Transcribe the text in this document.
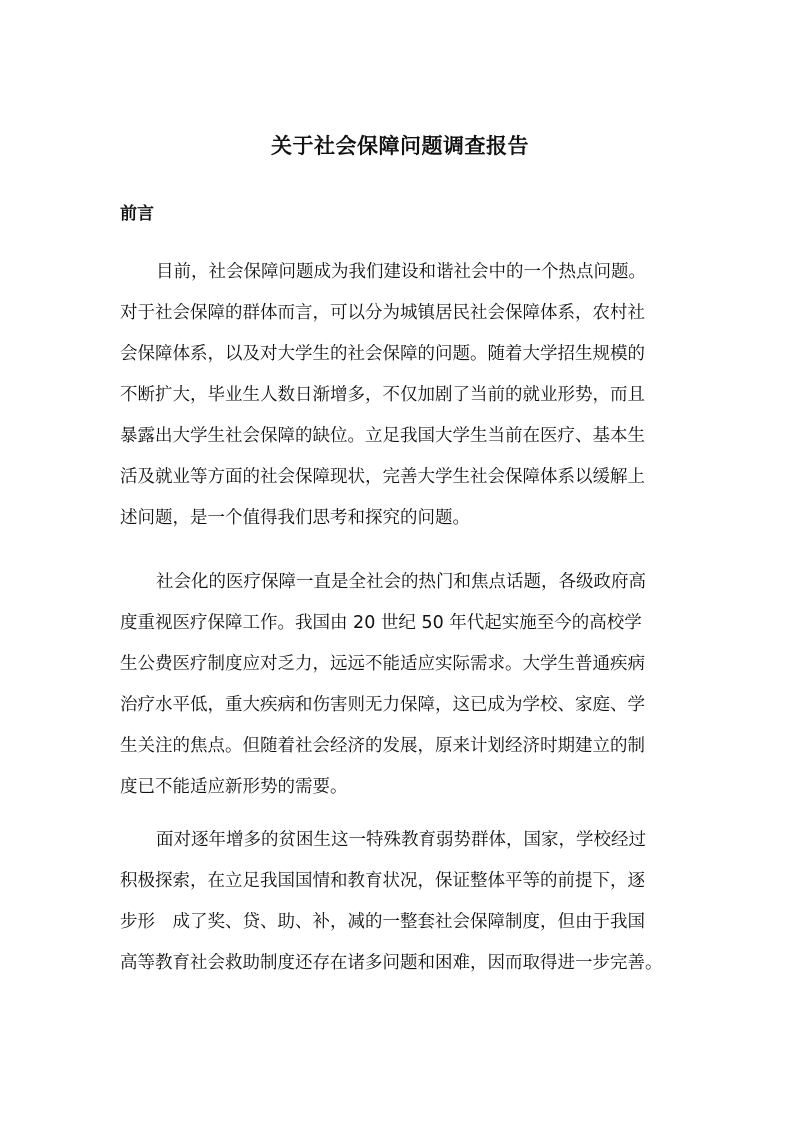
关于社会保障问题调查报告
前言
目前，社会保障问题成为我们建设和谐社会中的一个热点问题。
对于社会保障的群体而言，可以分为城镇居民社会保障体系，农村社
会保障体系，以及对大学生的社会保障的问题。随着大学招生规模的
不断扩大，毕业生人数日渐增多，不仅加剧了当前的就业形势，而且
暴露出大学生社会保障的缺位。立足我国大学生当前在医疗、基本生
活及就业等方面的社会保障现状，完善大学生社会保障体系以缓解上
述问题，是一个值得我们思考和探究的问题。
社会化的医疗保障一直是全社会的热门和焦点话题，各级政府高
度重视医疗保障工作。我国由 20 世纪 50 年代起实施至今的高校学
生公费医疗制度应对乏力，远远不能适应实际需求。大学生普通疾病
治疗水平低，重大疾病和伤害则无力保障，这已成为学校、家庭、学
生关注的焦点。但随着社会经济的发展，原来计划经济时期建立的制
度已不能适应新形势的需要。
面对逐年增多的贫困生这一特殊教育弱势群体，国家，学校经过
积极探索，在立足我国国情和教育状况，保证整体平等的前提下，逐
步形　成了奖、贷、助、补，减的一整套社会保障制度，但由于我国
高等教育社会救助制度还存在诸多问题和困难，因而取得进一步完善。
